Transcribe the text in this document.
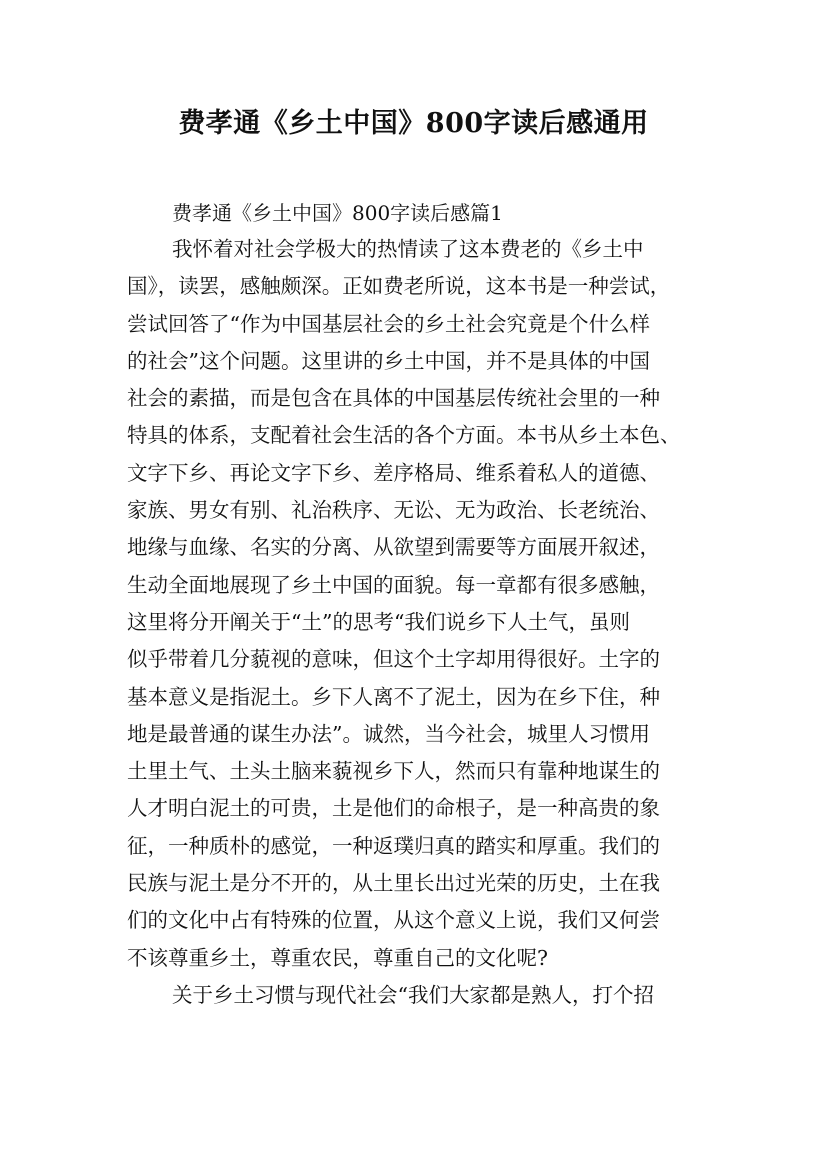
费孝通《乡土中国》800字读后感通用

费孝通《乡土中国》800字读后感篇1

我怀着对社会学极大的热情读了这本费老的《乡土中
国》，读罢，感触颇深。正如费老所说，这本书是一种尝试，
尝试回答了“作为中国基层社会的乡土社会究竟是个什么样
的社会”这个问题。这里讲的乡土中国，并不是具体的中国
社会的素描，而是包含在具体的中国基层传统社会里的一种
特具的体系，支配着社会生活的各个方面。本书从乡土本色、
文字下乡、再论文字下乡、差序格局、维系着私人的道德、
家族、男女有别、礼治秩序、无讼、无为政治、长老统治、
地缘与血缘、名实的分离、从欲望到需要等方面展开叙述，
生动全面地展现了乡土中国的面貌。每一章都有很多感触，
这里将分开阐关于“土”的思考“我们说乡下人土气，虽则
似乎带着几分藐视的意味，但这个土字却用得很好。土字的
基本意义是指泥土。乡下人离不了泥土，因为在乡下住，种
地是最普通的谋生办法”。诚然，当今社会，城里人习惯用
土里土气、土头土脑来藐视乡下人，然而只有靠种地谋生的
人才明白泥土的可贵，土是他们的命根子，是一种高贵的象
征，一种质朴的感觉，一种返璞归真的踏实和厚重。我们的
民族与泥土是分不开的，从土里长出过光荣的历史，土在我
们的文化中占有特殊的位置，从这个意义上说，我们又何尝
不该尊重乡土，尊重农民，尊重自己的文化呢?
关于乡土习惯与现代社会“我们大家都是熟人，打个招
